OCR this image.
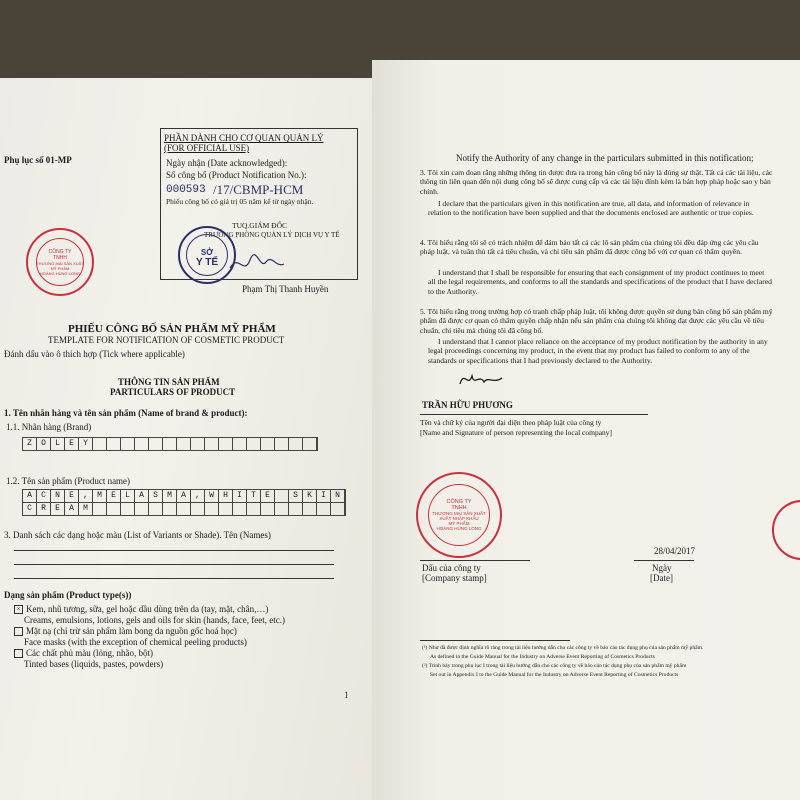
Phụ lục số 01-MP
PHẦN DÀNH CHO CƠ QUAN QUẢN LÝ
(FOR OFFICIAL USE)
Ngày nhận (Date acknowledged):
Số công bố (Product Notification No.):
000593 /17/CBMP-HCM
Phiếu công bố có giá trị 05 năm kể từ ngày nhận.
TUQ.GIÁM ĐỐC
TRƯỞNG PHÒNG QUẢN LÝ DỊCH VỤ Y TẾ
SỞ
Y TẾ
Phạm Thị Thanh Huyền
CÔNG TY
TNHH
THƯƠNG MẠI SẢN XUẤT
MỸ PHẨM
HOÀNG HÙNG LONG
PHIẾU CÔNG BỐ SẢN PHẨM MỸ PHẨM
TEMPLATE FOR NOTIFICATION OF COSMETIC PRODUCT
Đánh dấu vào ô thích hợp (Tick where applicable)
THÔNG TIN SẢN PHẨM
PARTICULARS OF PRODUCT
1. Tên nhãn hàng và tên sản phẩm (Name of brand & product):
1.1. Nhãn hàng (Brand)
Z	O	L	E	Y
1.2. Tên sản phẩm (Product name)
A	C	N	E	,	M	E	L	A	S	M	A	,	W	H	I	T	E	S	K	I	N
C	R	E	A	M
3. Danh sách các dạng hoặc màu (List of Variants or Shade). Tên (Names)
Dạng sản phẩm (Product type(s))
× Kem, nhũ tương, sữa, gel hoặc dầu dùng trên da (tay, mặt, chân,…)
Creams, emulsions, lotions, gels and oils for skin (hands, face, feet, etc.)
Mặt nạ (chỉ trừ sản phẩm làm bong da nguồn gốc hoá học)
Face masks (with the exception of chemical peeling products)
Các chất phủ màu (lỏng, nhão, bột)
Tinted bases (liquids, pastes, powders)
1
Notify the Authority of any change in the particulars submitted in this notification;
3. Tôi xin cam đoan rằng những thông tin được đưa ra trong bản công bố này là đúng sự thật. Tất cả các tài liệu, các thông tin liên quan đến nội dung công bố sẽ được cung cấp và các tài liệu đính kèm là bản hợp pháp hoặc sao y bản chính.
I declare that the particulars given in this notification are true, all data, and information of relevance in relation to the notification have been supplied and that the documents enclosed are authentic or true copies.
4. Tôi hiểu rằng tôi sẽ có trách nhiệm để đảm bảo tất cả các lô sản phẩm của chúng tôi đều đáp ứng các yêu cầu pháp luật, và tuân thủ tất cả tiêu chuẩn, và chỉ tiêu sản phẩm đã được công bố với cơ quan có thẩm quyền.
I understand that I shall be responsible for ensuring that each consignment of my product continues to meet all the legal requirements, and conforms to all the standards and specifications of the product that I have declared to the Authority.
5. Tôi hiểu rằng trong trường hợp có tranh chấp pháp luật, tôi không được quyền sử dụng bản công bố sản phẩm mỹ phẩm đã được cơ quan có thẩm quyền chấp nhận nếu sản phẩm của chúng tôi không đạt được các yêu cầu về tiêu chuẩn, chỉ tiêu mà chúng tôi đã công bố.
I understand that I cannot place reliance on the acceptance of my product notification by the authority in any legal proceedings concerning my product, in the event that my product has failed to conform to any of the standards or specifications that I had previously declared to the Authority.
TRẦN HỮU PHƯƠNG
Tên và chữ ký của người đại diện theo pháp luật của công ty
[Name and Signature of person representing the local company]
CÔNG TY
TNHH
THƯƠNG MẠI SẢN XUẤT
XUẤT NHẬP KHẨU
MỸ PHẨM
HOÀNG HÙNG LONG
28/04/2017
Dấu của công ty
[Company stamp]
Ngày
[Date]
(¹) Như đã được định nghĩa rõ ràng trong tài liệu hướng dẫn cho các công ty về báo cáo tác dụng phụ của sản phẩm mỹ phẩm.
As defined in the Guide Manual for the Industry on Adverse Event Reporting of Cosmetics Products
(²) Trình bày trong phụ lục I trong tài liệu hướng dẫn cho các công ty về báo cáo tác dụng phụ của sản phẩm mỹ phẩm
Set out in Appendix I to the Guide Manual for the Industry on Adverse Event Reporting of Cosmetics Products
